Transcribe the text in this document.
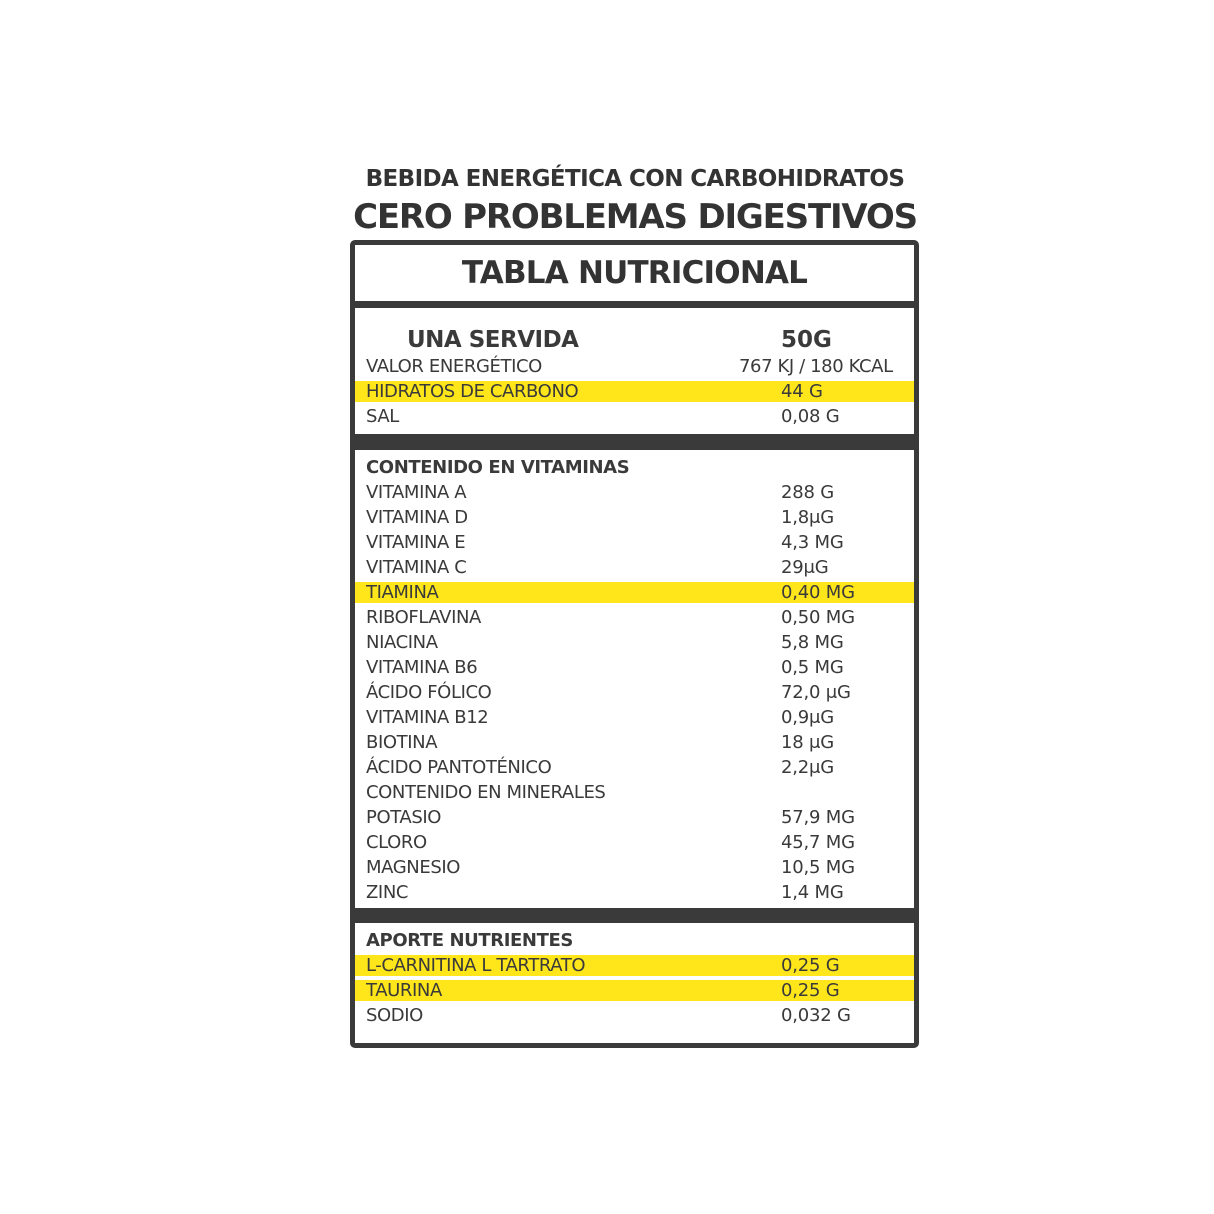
BEBIDA ENERGÉTICA CON CARBOHIDRATOS
CERO PROBLEMAS DIGESTIVOS
TABLA NUTRICIONAL
UNA SERVIDA	50G
VALOR ENERGÉTICO	767 KJ / 180 KCAL
HIDRATOS DE CARBONO	44 G
SAL	0,08 G
CONTENIDO EN VITAMINAS
VITAMINA A	288 G
VITAMINA D	1,8μG
VITAMINA E	4,3 MG
VITAMINA C	29μG
TIAMINA	0,40 MG
RIBOFLAVINA	0,50 MG
NIACINA	5,8 MG
VITAMINA B6	0,5 MG
ÁCIDO FÓLICO	72,0 μG
VITAMINA B12	0,9μG
BIOTINA	18 μG
ÁCIDO PANTOTÉNICO	2,2μG
CONTENIDO EN MINERALES
POTASIO	57,9 MG
CLORO	45,7 MG
MAGNESIO	10,5 MG
ZINC	1,4 MG
APORTE NUTRIENTES
L-CARNITINA L TARTRATO	0,25 G
TAURINA	0,25 G
SODIO	0,032 G
